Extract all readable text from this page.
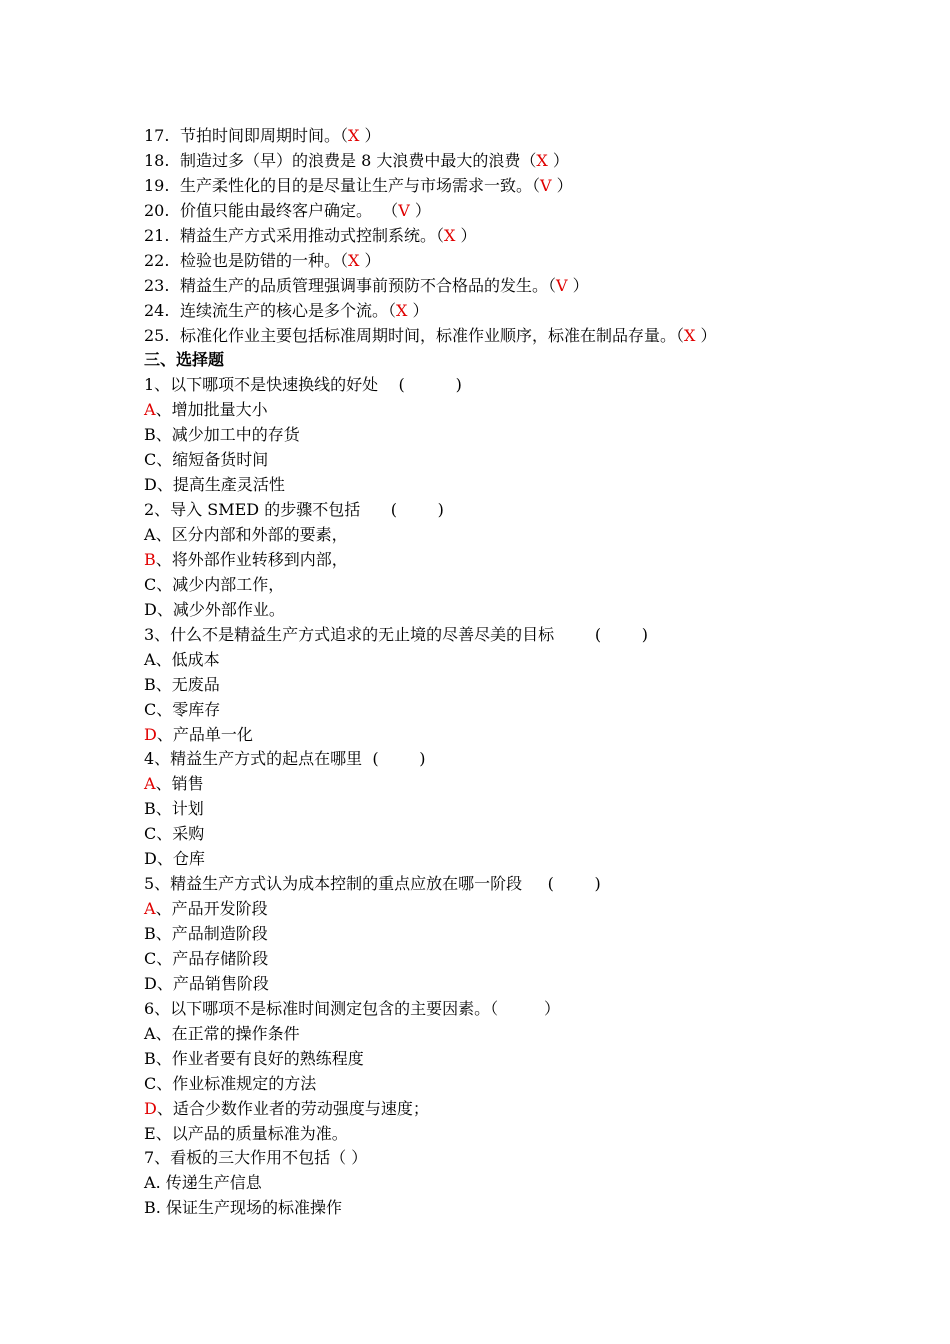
17. 节拍时间即周期时间。（X ）
18. 制造过多（早）的浪费是 8 大浪费中最大的浪费（X ）
19. 生产柔性化的目的是尽量让生产与市场需求一致。（V ）
20. 价值只能由最终客户确定。  （V ）
21. 精益生产方式采用推动式控制系统。（X ）
22. 检验也是防错的一种。（X ）
23. 精益生产的品质管理强调事前预防不合格品的发生。（V ）
24. 连续流生产的核心是多个流。（X ）
25. 标准化作业主要包括标准周期时间，标准作业顺序，标准在制品存量。（X ）
三、选择题
1、以下哪项不是快速换线的好处    (          )
A、增加批量大小
B、减少加工中的存货
C、缩短备货时间
D、提高生產灵活性
2、导入 SMED 的步骤不包括      (        )
A、区分内部和外部的要素，
B、将外部作业转移到内部，
C、减少内部工作，
D、减少外部作业。
3、什么不是精益生产方式追求的无止境的尽善尽美的目标        (        )
A、低成本
B、无废品
C、零库存
D、产品单一化
4、精益生产方式的起点在哪里  (        )
A、销售
B、计划
C、采购
D、仓库
5、精益生产方式认为成本控制的重点应放在哪一阶段     (        )
A、产品开发阶段
B、产品制造阶段
C、产品存储阶段
D、产品销售阶段
6、以下哪项不是标准时间测定包含的主要因素。（         ）
A、在正常的操作条件
B、作业者要有良好的熟练程度
C、作业标准规定的方法
D、适合少数作业者的劳动强度与速度；
E、以产品的质量标准为准。
7、看板的三大作用不包括（ ）
A. 传递生产信息
B. 保证生产现场的标准操作
